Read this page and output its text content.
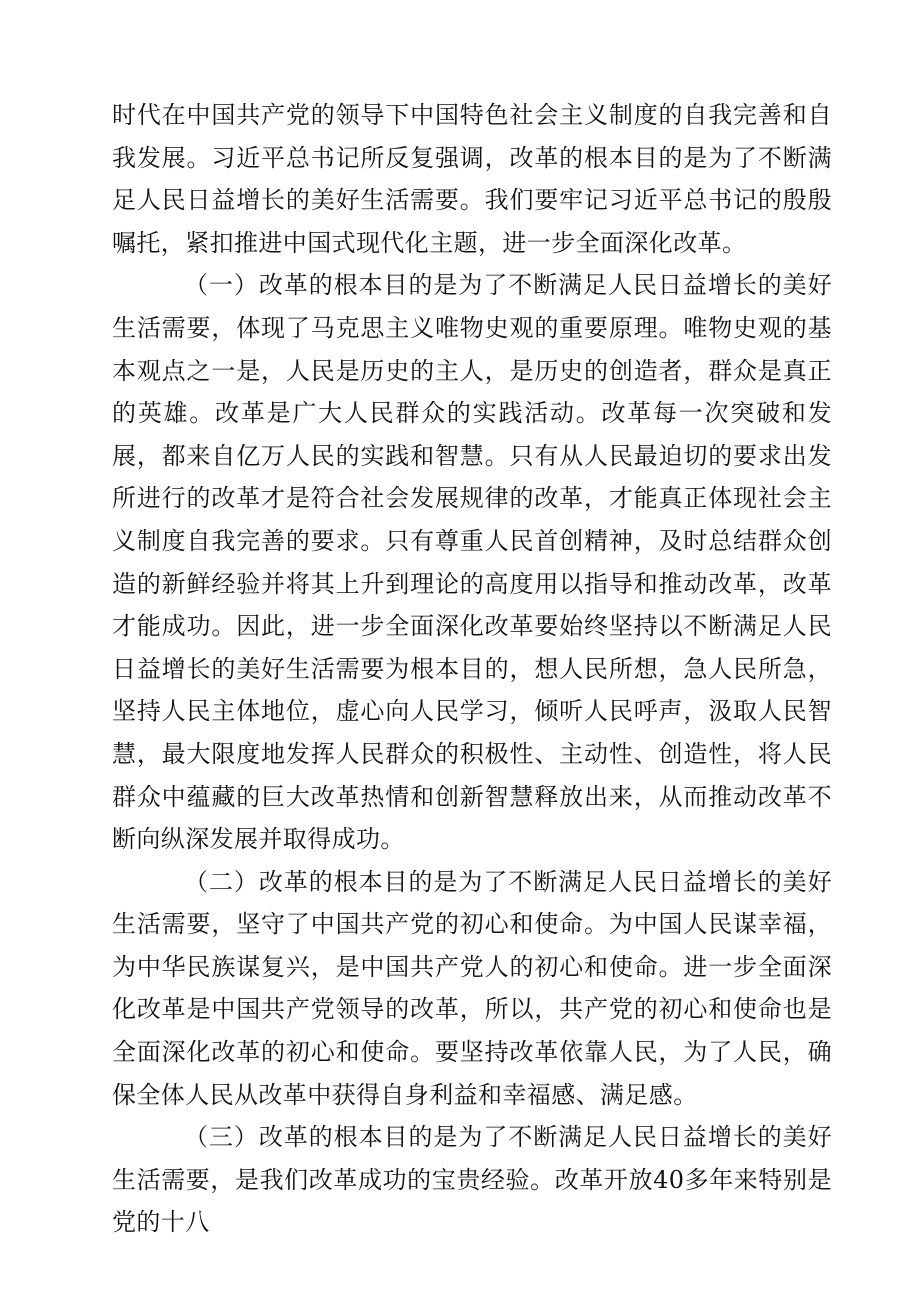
时代在中国共产党的领导下中国特色社会主义制度的自我完善和自我发展。习近平总书记所反复强调，改革的根本目的是为了不断满足人民日益增长的美好生活需要。我们要牢记习近平总书记的殷殷嘱托，紧扣推进中国式现代化主题，进一步全面深化改革。

（一）改革的根本目的是为了不断满足人民日益增长的美好生活需要，体现了马克思主义唯物史观的重要原理。唯物史观的基本观点之一是，人民是历史的主人，是历史的创造者，群众是真正的英雄。改革是广大人民群众的实践活动。改革每一次突破和发展，都来自亿万人民的实践和智慧。只有从人民最迫切的要求出发所进行的改革才是符合社会发展规律的改革，才能真正体现社会主义制度自我完善的要求。只有尊重人民首创精神，及时总结群众创造的新鲜经验并将其上升到理论的高度用以指导和推动改革，改革才能成功。因此，进一步全面深化改革要始终坚持以不断满足人民日益增长的美好生活需要为根本目的，想人民所想，急人民所急，坚持人民主体地位，虚心向人民学习，倾听人民呼声，汲取人民智慧，最大限度地发挥人民群众的积极性、主动性、创造性，将人民群众中蕴藏的巨大改革热情和创新智慧释放出来，从而推动改革不断向纵深发展并取得成功。

（二）改革的根本目的是为了不断满足人民日益增长的美好生活需要，坚守了中国共产党的初心和使命。为中国人民谋幸福，为中华民族谋复兴，是中国共产党人的初心和使命。进一步全面深化改革是中国共产党领导的改革，所以，共产党的初心和使命也是全面深化改革的初心和使命。要坚持改革依靠人民，为了人民，确保全体人民从改革中获得自身利益和幸福感、满足感。

（三）改革的根本目的是为了不断满足人民日益增长的美好生活需要，是我们改革成功的宝贵经验。改革开放40多年来特别是党的十八
